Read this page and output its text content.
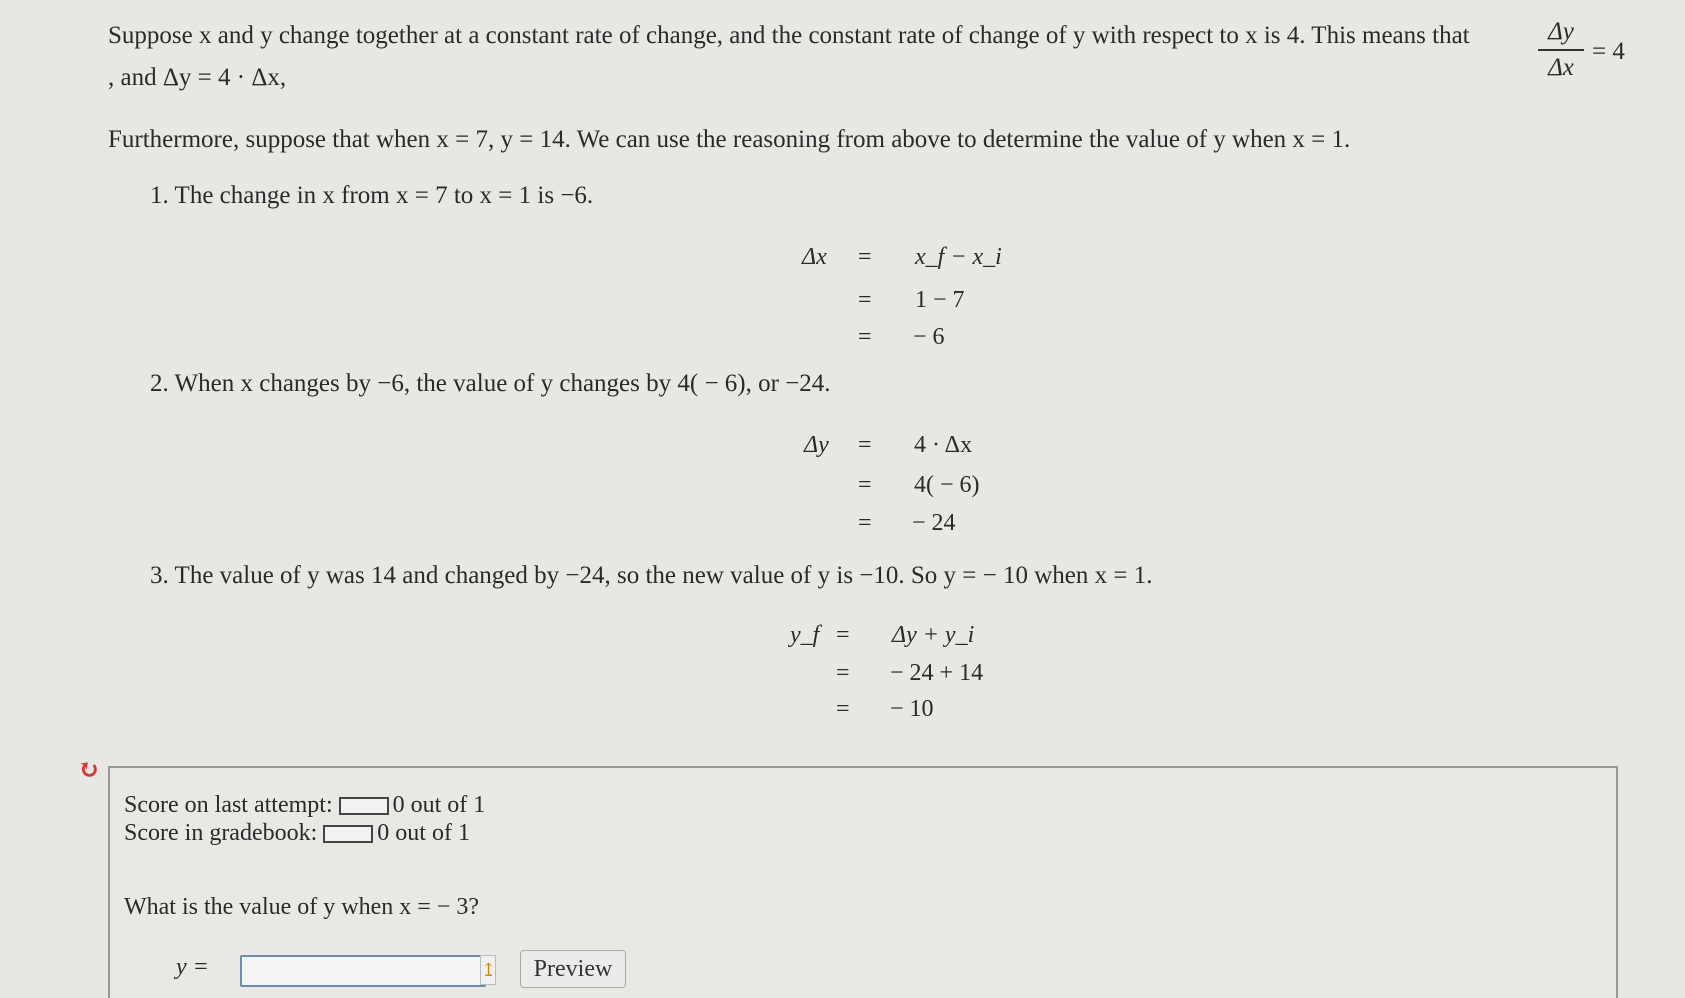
Suppose x and y change together at a constant rate of change, and the constant rate of change of y with respect to x is 4. This means that	Δy
Δx
= 4
, and Δy = 4 · Δx,
Furthermore, suppose that when x = 7, y = 14. We can use the reasoning from above to determine the value of y when x = 1.
1. The change in x from x = 7 to x = 1 is −6.
Δx = x_f − x_i
= 1 − 7
= − 6
2. When x changes by −6, the value of y changes by 4( − 6), or −24.
Δy = 4 · Δx
= 4( − 6)
= − 24
3. The value of y was 14 and changed by −24, so the new value of y is −10. So y = − 10 when x = 1.
y_f = Δy + y_i
= − 24 + 14
= − 10
↻
Score on last attempt:	0 out of 1
Score in gradebook:	0 out of 1
What is the value of y when x = − 3?
y =	↥	Preview
